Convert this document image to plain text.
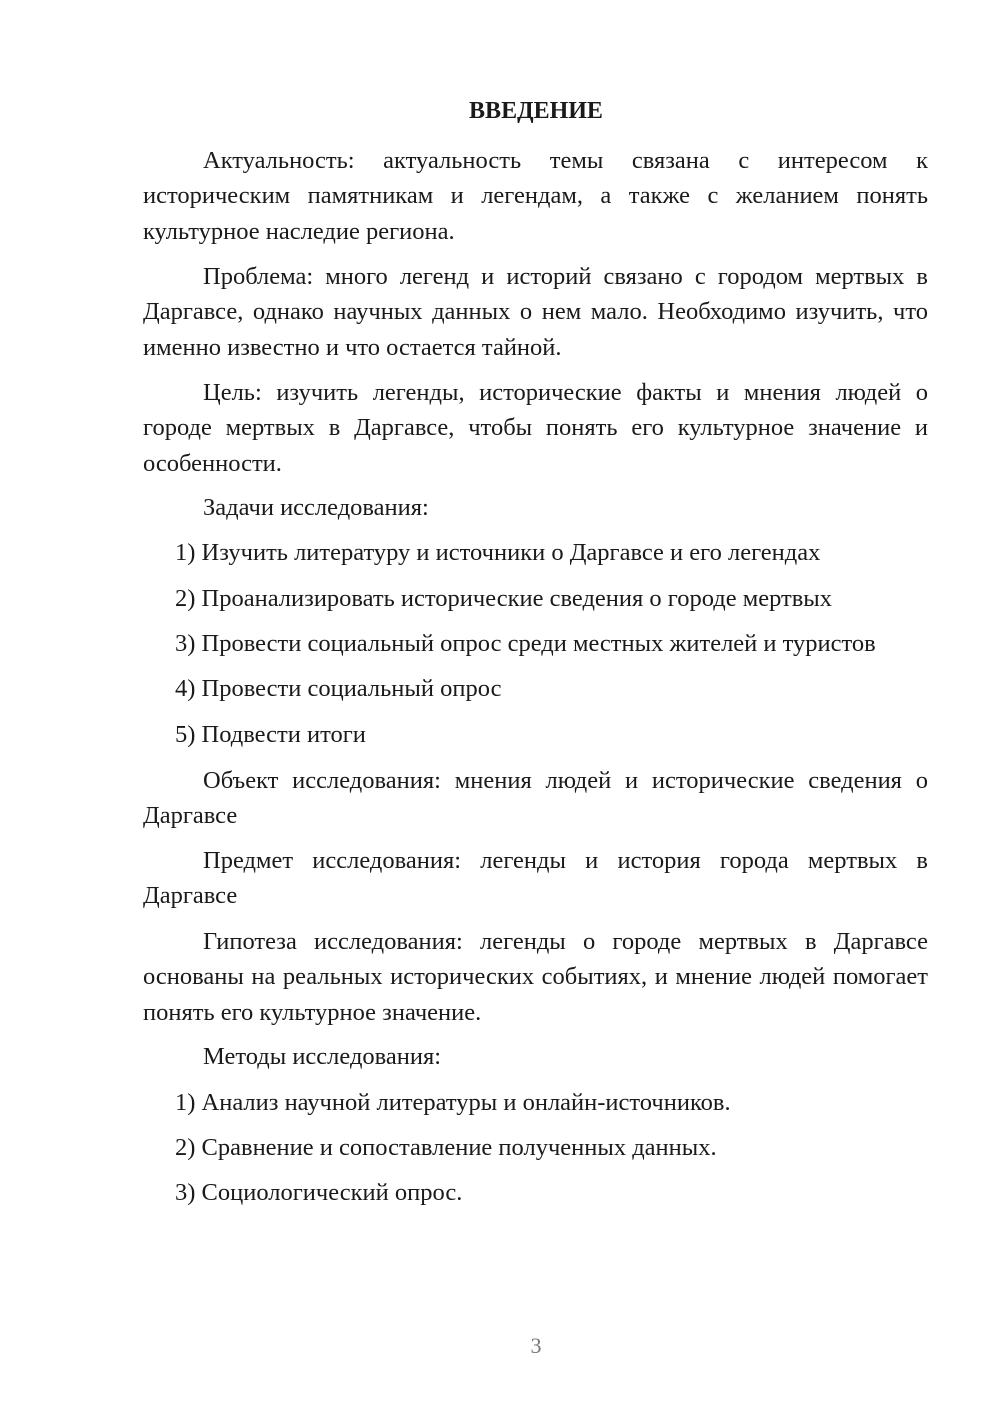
ВВЕДЕНИЕ

Актуальность: актуальность темы связана с интересом к историческим памятникам и легендам, а также с желанием понять культурное наследие региона.

Проблема: много легенд и историй связано с городом мертвых в Даргавсе, однако научных данных о нем мало. Необходимо изучить, что именно известно и что остается тайной.

Цель: изучить легенды, исторические факты и мнения людей о городе мертвых в Даргавсе, чтобы понять его культурное значение и особенности.

Задачи исследования:

1) Изучить литературу и источники о Даргавсе и его легендах

2) Проанализировать исторические сведения о городе мертвых

3) Провести социальный опрос среди местных жителей и туристов

4) Провести социальный опрос

5) Подвести итоги

Объект исследования: мнения людей и исторические сведения о Даргавсе

Предмет исследования: легенды и история города мертвых в Даргавсе

Гипотеза исследования: легенды о городе мертвых в Даргавсе основаны на реальных исторических событиях, и мнение людей помогает понять его культурное значение.

Методы исследования:

1) Анализ научной литературы и онлайн-источников.

2) Сравнение и сопоставление полученных данных.

3) Социологический опрос.

3
